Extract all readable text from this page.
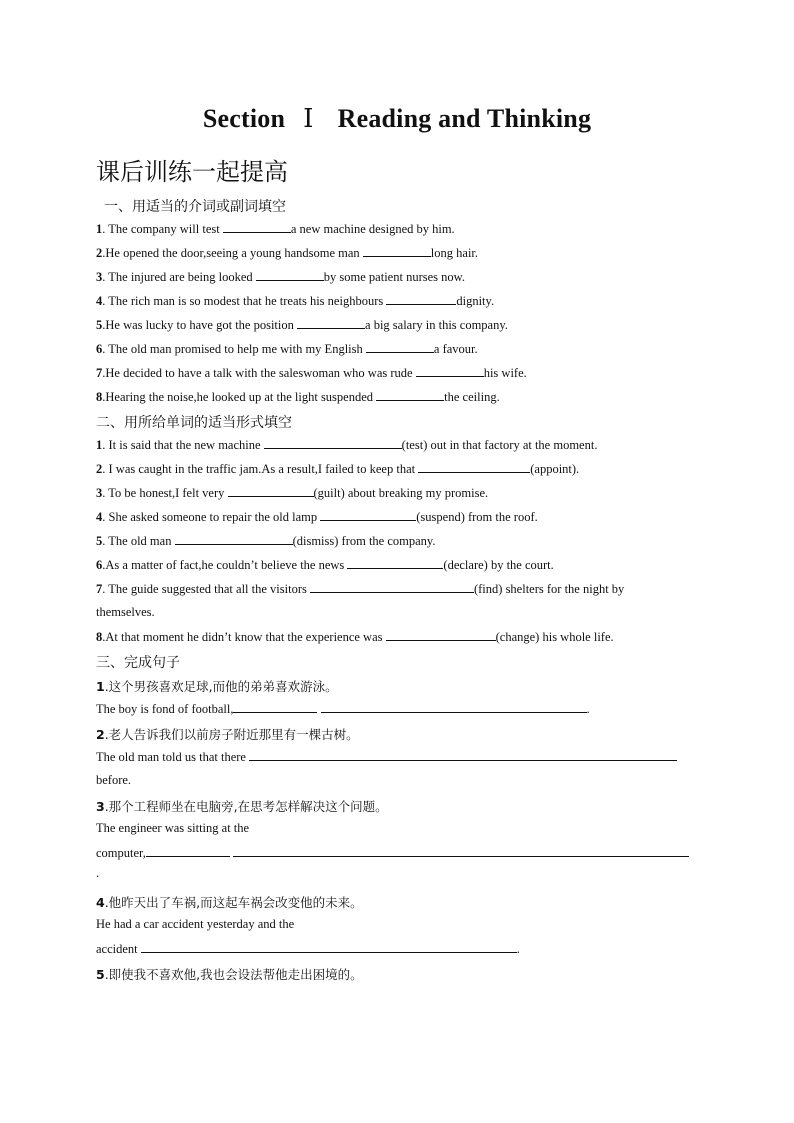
Section Ⅰ Reading and Thinking
课后训练一起提高
一、用适当的介词或副词填空
1. The company will test	a new machine designed by him.
2.He opened the door,seeing a young handsome man	long hair.
3. The injured are being looked	by some patient nurses now.
4. The rich man is so modest that he treats his neighbours	dignity.
5.He was lucky to have got the position	a big salary in this company.
6. The old man promised to help me with my English	a favour.
7.He decided to have a talk with the saleswoman who was rude	his wife.
8.Hearing the noise,he looked up at the light suspended	the ceiling.
二、用所给单词的适当形式填空
1. It is said that the new machine	(test) out in that factory at the moment.
2. I was caught in the traffic jam.As a result,I failed to keep that	(appoint).
3. To be honest,I felt very	(guilt) about breaking my promise.
4. She asked someone to repair the old lamp	(suspend) from the roof.
5. The old man	(dismiss) from the company.
6.As a matter of fact,he couldn’t believe the news	(declare) by the court.
7. The guide suggested that all the visitors	(find) shelters for the night by
themselves.
8.At that moment he didn’t know that the experience was	(change) his whole life.
三、完成句子
1.这个男孩喜欢足球,而他的弟弟喜欢游泳。
The boy is fond of football,	.
2.老人告诉我们以前房子附近那里有一棵古树。
The old man told us that there
before.
3.那个工程师坐在电脑旁,在思考怎样解决这个问题。
The engineer was sitting at the
computer,
.
4.他昨天出了车祸,而这起车祸会改变他的未来。
He had a car accident yesterday and the
accident	.
5.即使我不喜欢他,我也会设法帮他走出困境的。
